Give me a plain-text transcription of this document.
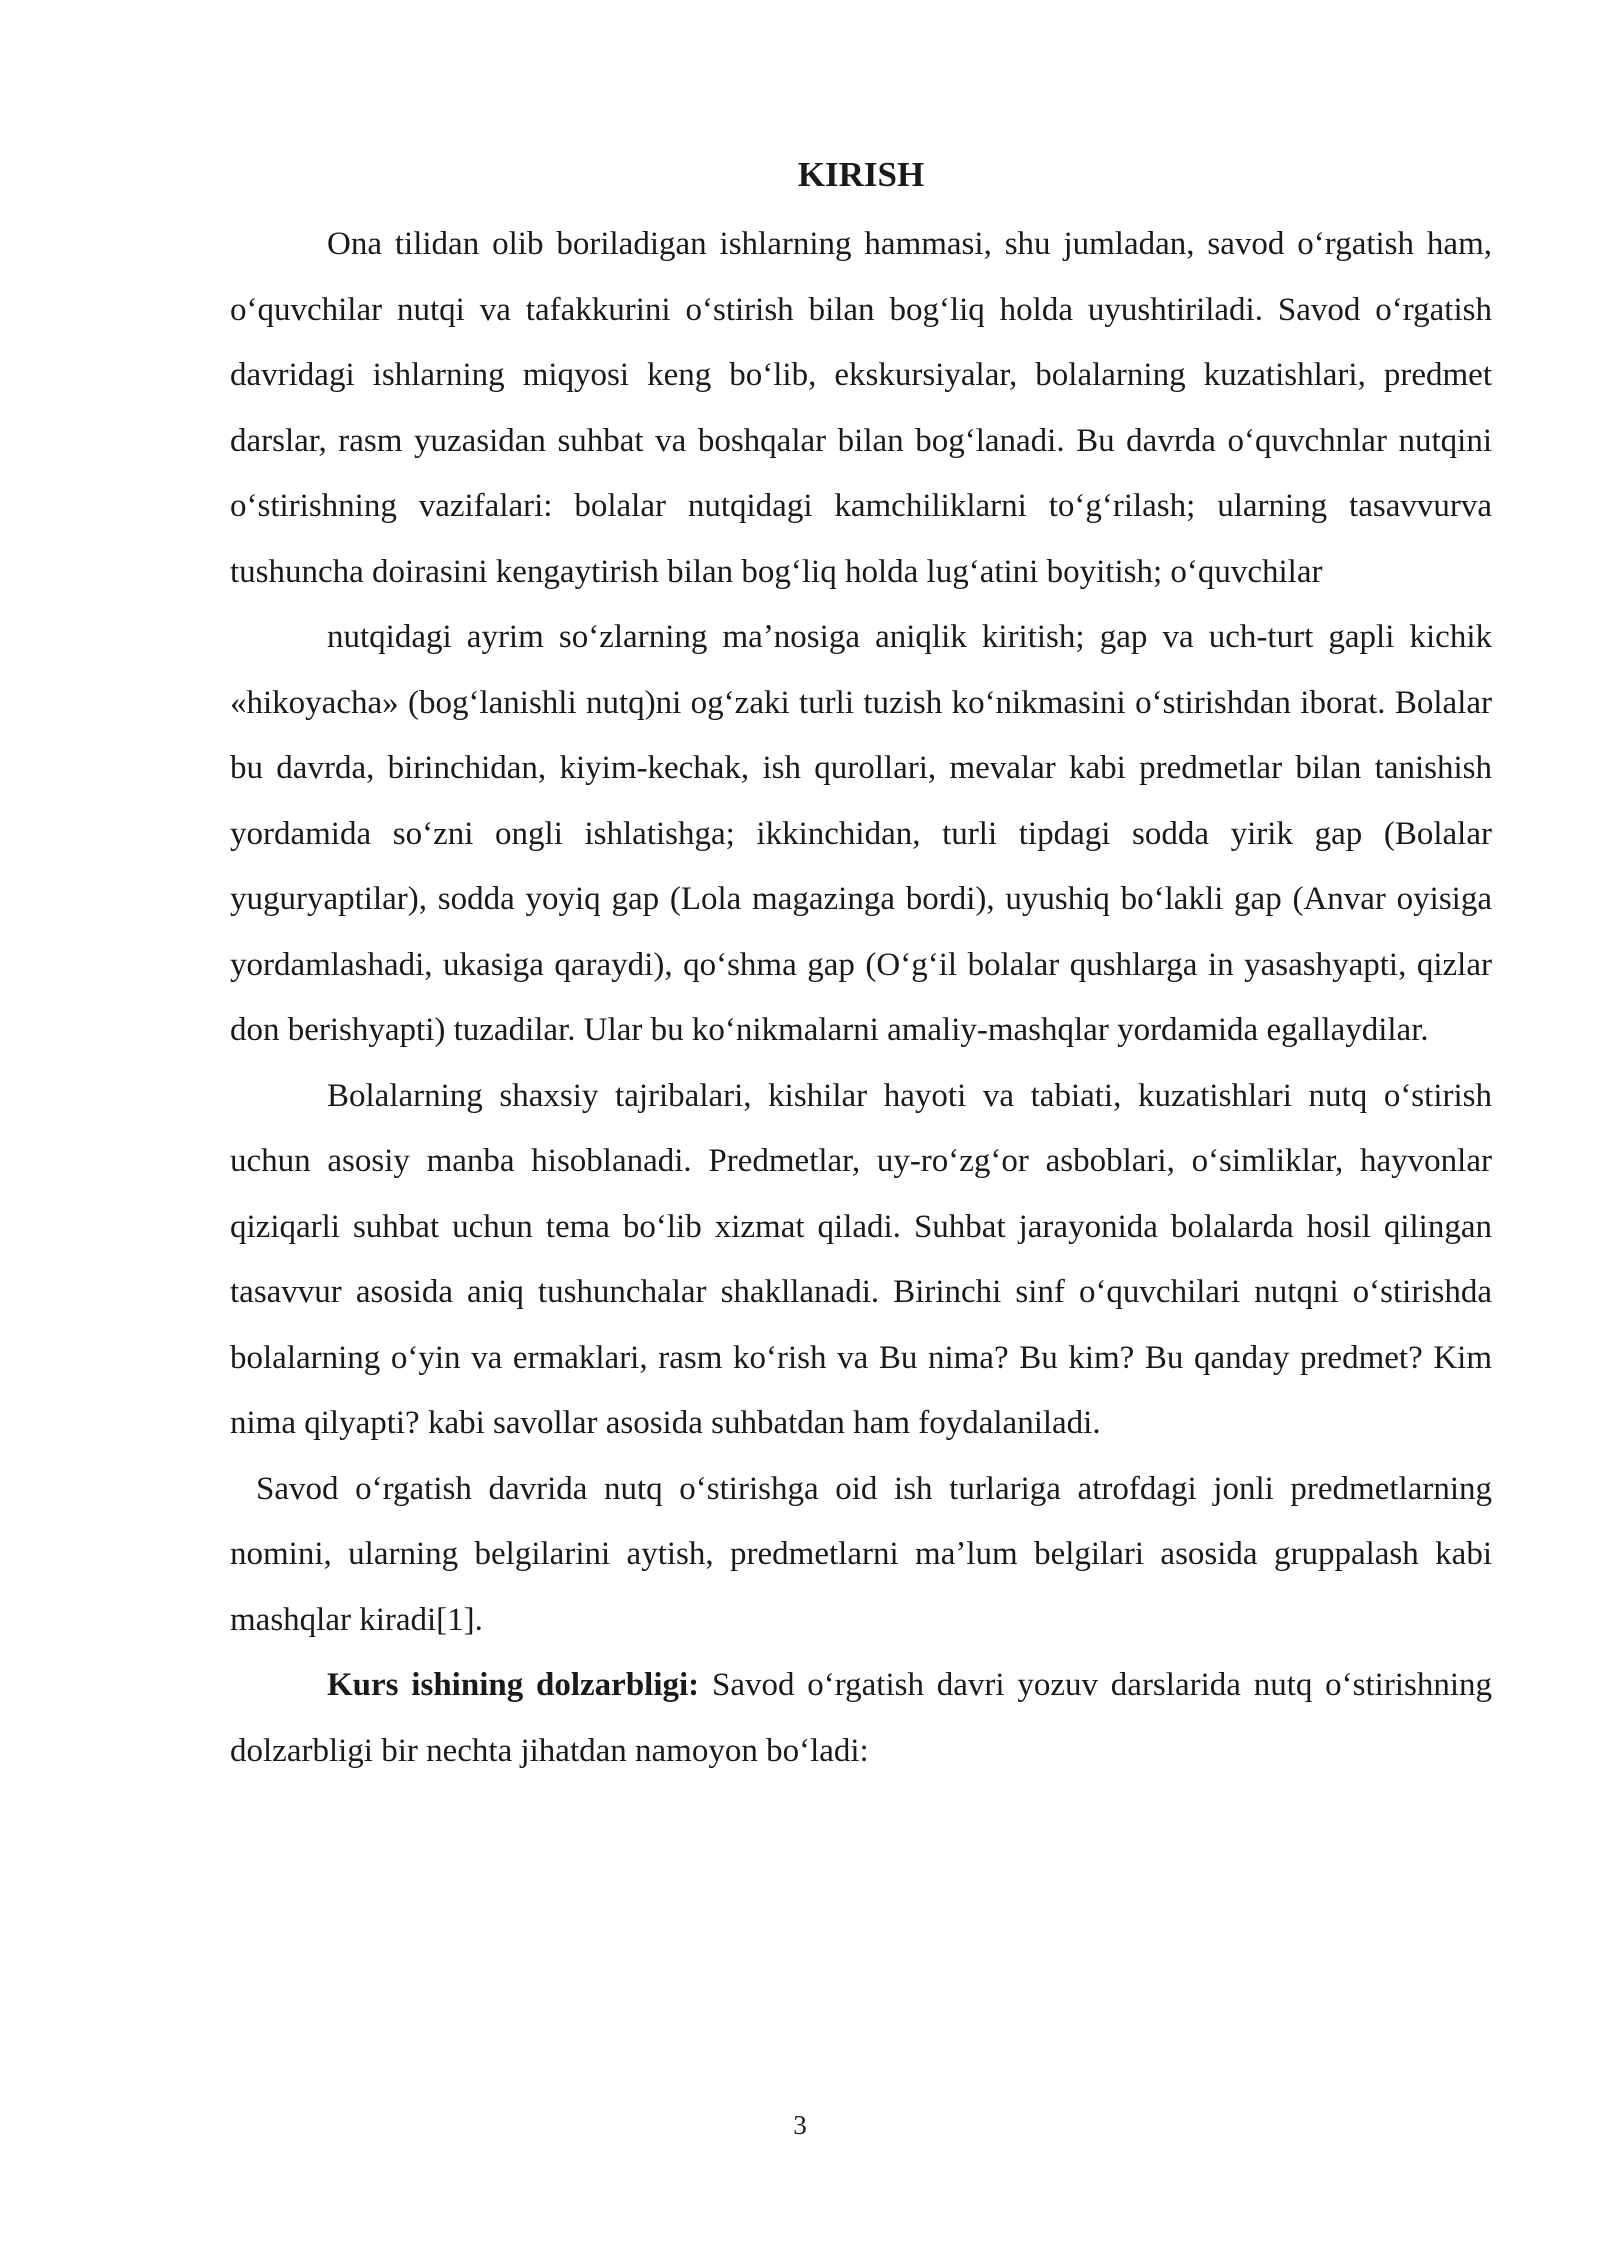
KIRISH

Ona tilidan olib boriladigan ishlarning hammasi, shu jumladan, savod oʻrgatish ham, oʻquvchilar nutqi va tafakkurini oʻstirish bilan bogʻliq holda uyushtiriladi. Savod oʻrgatish davridagi ishlarning miqyosi keng boʻlib, ekskursiyalar, bolalarning kuzatishlari, predmet darslar, rasm yuzasidan suhbat va boshqalar bilan bogʻlanadi. Bu davrda oʻquvchnlar nutqini oʻstirishning vazifalari: bolalar nutqidagi kamchiliklarni toʻgʻrilash; ularning tasavvurva tushuncha doirasini kengaytirish bilan bogʻliq holda lugʻatini boyitish; oʻquvchilar

nutqidagi ayrim soʻzlarning maʼnosiga aniqlik kiritish; gap va uch-turt gapli kichik «hikoyacha» (bogʻlanishli nutq)ni ogʻzaki turli tuzish koʻnikmasini oʻstirishdan iborat. Bolalar bu davrda, birinchidan, kiyim-kechak, ish qurollari, mevalar kabi predmetlar bilan tanishish yordamida soʻzni ongli ishlatishga; ikkinchidan, turli tipdagi sodda yirik gap (Bolalar yuguryaptilar), sodda yoyiq gap (Lola magazinga bordi), uyushiq boʻlakli gap (Anvar oyisiga yordamlashadi, ukasiga qaraydi), qoʻshma gap (Oʻgʻil bolalar qushlarga in yasashyapti, qizlar don berishyapti) tuzadilar. Ular bu koʻnikmalarni amaliy-mashqlar yordamida egallaydilar.

Bolalarning shaxsiy tajribalari, kishilar hayoti va tabiati, kuzatishlari nutq oʻstirish uchun asosiy manba hisoblanadi. Predmetlar, uy-roʻzgʻor asboblari, oʻsimliklar, hayvonlar qiziqarli suhbat uchun tema boʻlib xizmat qiladi. Suhbat jarayonida bolalarda hosil qilingan tasavvur asosida aniq tushunchalar shakllanadi. Birinchi sinf oʻquvchilari nutqni oʻstirishda bolalarning oʻyin va ermaklari, rasm koʻrish va Bu nima? Bu kim? Bu qanday predmet? Kim nima qilyapti? kabi savollar asosida suhbatdan ham foydalaniladi.

Savod oʻrgatish davrida nutq oʻstirishga oid ish turlariga atrofdagi jonli predmetlarning nomini, ularning belgilarini aytish, predmetlarni maʼlum belgilari asosida gruppalash kabi mashqlar kiradi[1].

Kurs ishining dolzarbligi: Savod oʻrgatish davri yozuv darslarida nutq oʻstirishning dolzarbligi bir nechta jihatdan namoyon boʻladi:

3
